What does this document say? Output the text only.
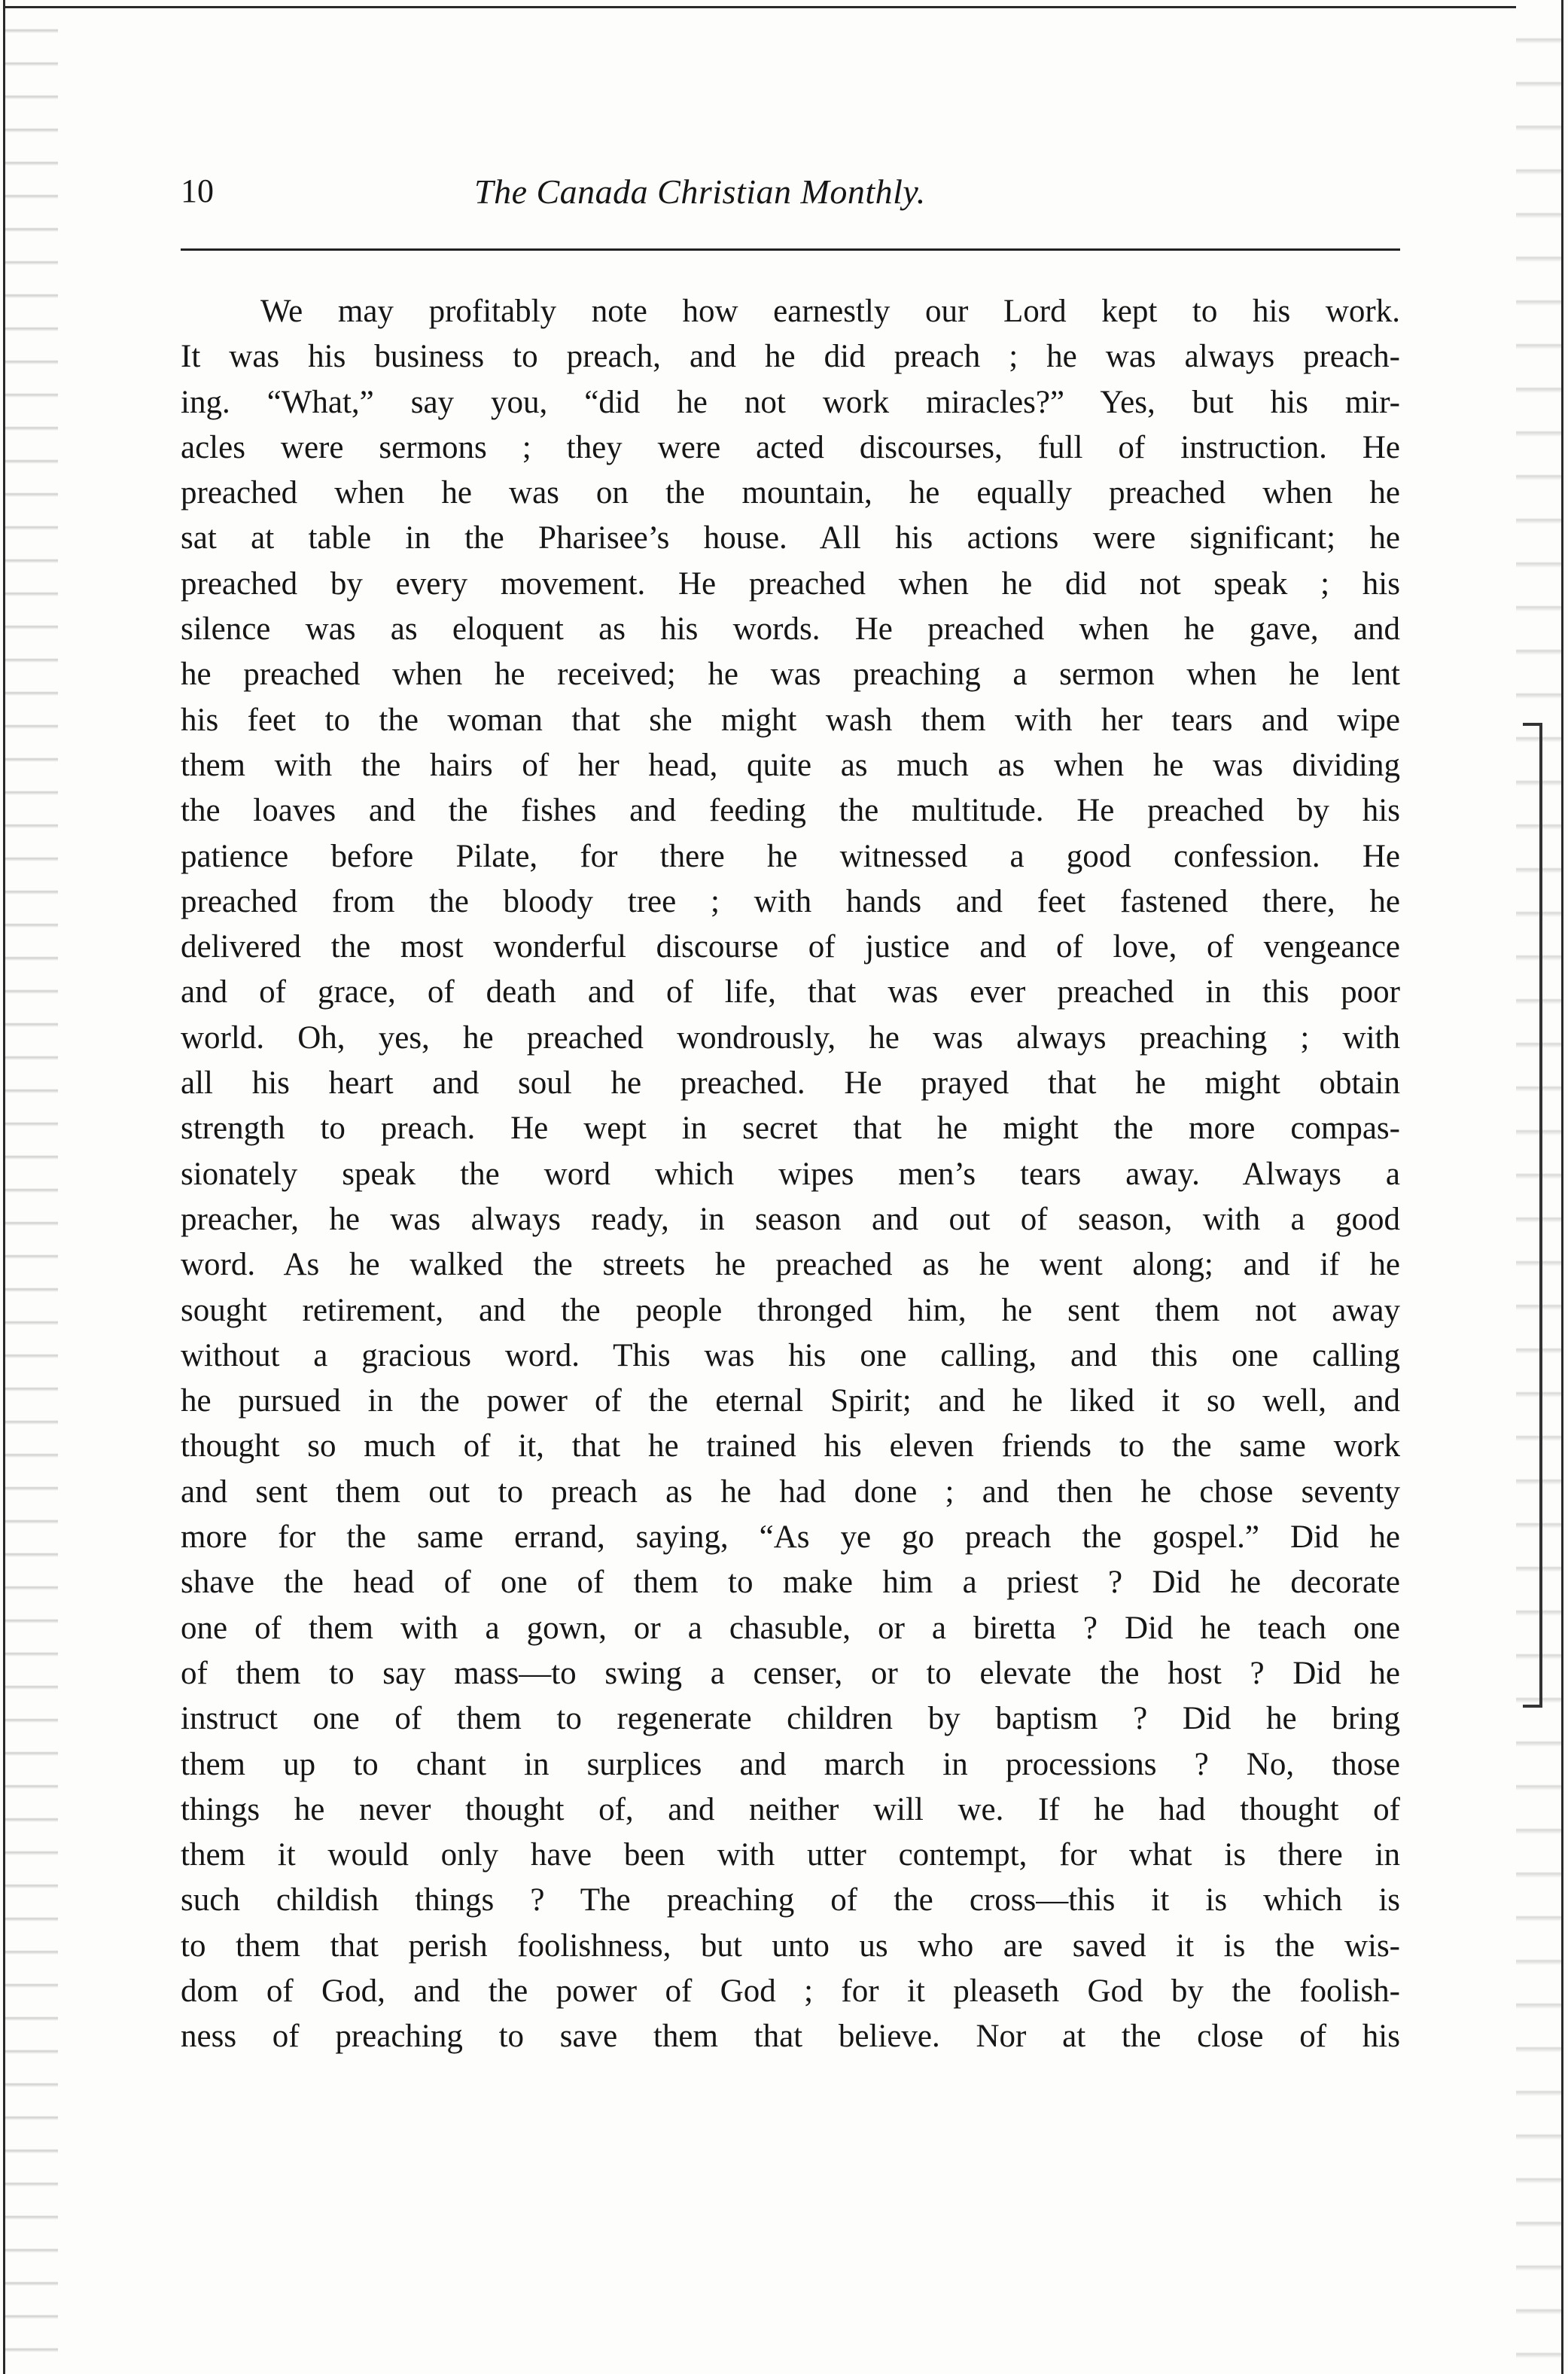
10	The Canada Christian Monthly.
We may profitably note how earnestly our Lord kept to his work.
It was his business to preach, and he did preach ; he was always preach-
ing. “What,” say you, “did he not work miracles?” Yes, but his mir-
acles were sermons ; they were acted discourses, full of instruction. He
preached when he was on the mountain, he equally preached when he
sat at table in the Pharisee’s house. All his actions were significant; he
preached by every movement. He preached when he did not speak ; his
silence was as eloquent as his words. He preached when he gave, and
he preached when he received; he was preaching a sermon when he lent
his feet to the woman that she might wash them with her tears and wipe
them with the hairs of her head, quite as much as when he was dividing
the loaves and the fishes and feeding the multitude. He preached by his
patience before Pilate, for there he witnessed a good confession. He
preached from the bloody tree ; with hands and feet fastened there, he
delivered the most wonderful discourse of justice and of love, of vengeance
and of grace, of death and of life, that was ever preached in this poor
world. Oh, yes, he preached wondrously, he was always preaching ; with
all his heart and soul he preached. He prayed that he might obtain
strength to preach. He wept in secret that he might the more compas-
sionately speak the word which wipes men’s tears away. Always a
preacher, he was always ready, in season and out of season, with a good
word. As he walked the streets he preached as he went along; and if he
sought retirement, and the people thronged him, he sent them not away
without a gracious word. This was his one calling, and this one calling
he pursued in the power of the eternal Spirit; and he liked it so well, and
thought so much of it, that he trained his eleven friends to the same work
and sent them out to preach as he had done ; and then he chose seventy
more for the same errand, saying, “As ye go preach the gospel.” Did he
shave the head of one of them to make him a priest ? Did he decorate
one of them with a gown, or a chasuble, or a biretta ? Did he teach one
of them to say mass—to swing a censer, or to elevate the host ? Did he
instruct one of them to regenerate children by baptism ? Did he bring
them up to chant in surplices and march in processions ? No, those
things he never thought of, and neither will we. If he had thought of
them it would only have been with utter contempt, for what is there in
such childish things ? The preaching of the cross—this it is which is
to them that perish foolishness, but unto us who are saved it is the wis-
dom of God, and the power of God ; for it pleaseth God by the foolish-
ness of preaching to save them that believe. Nor at the close of his
